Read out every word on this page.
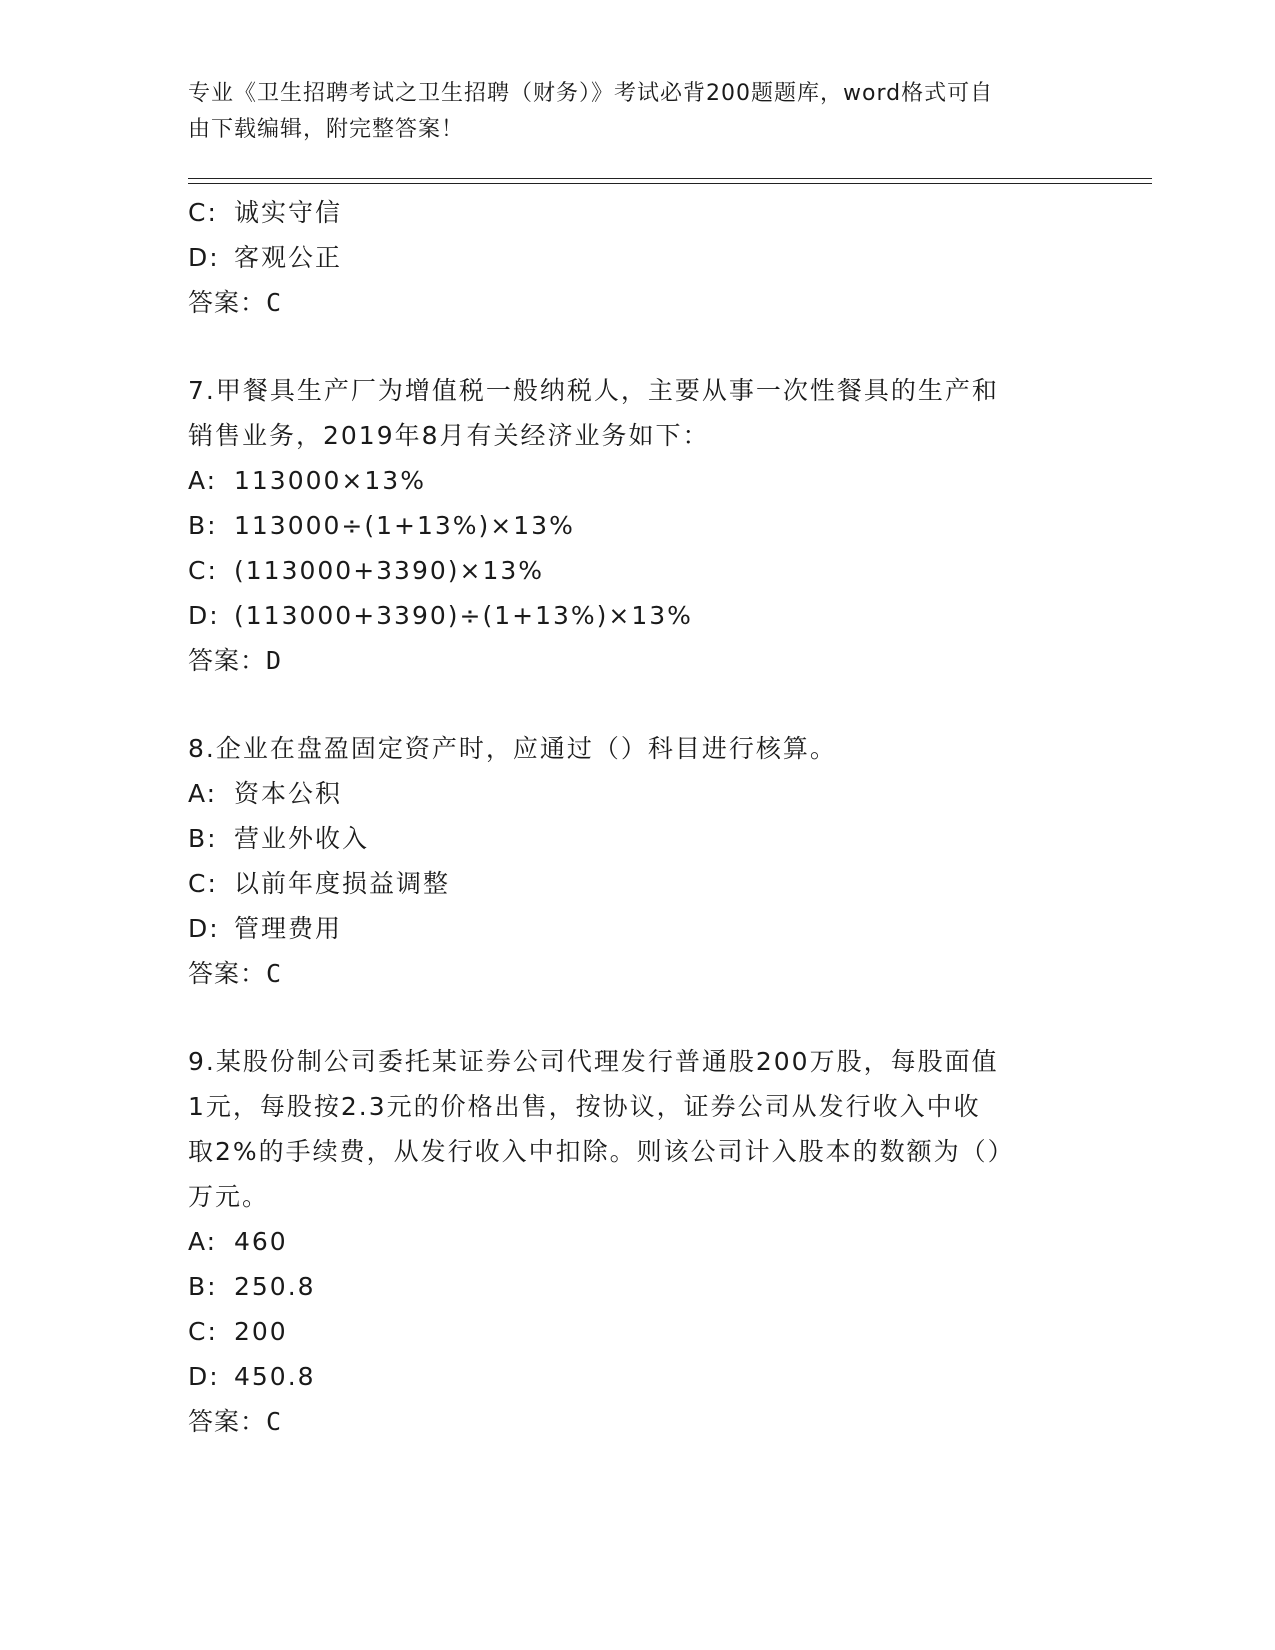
专业《卫生招聘考试之卫生招聘（财务）》考试必背200题题库，word格式可自
由下载编辑，附完整答案！
C: 诚实守信
D: 客观公正
答案：C
7.甲餐具生产厂为增值税一般纳税人，主要从事一次性餐具的生产和
销售业务，2019年8月有关经济业务如下：
A: 113000×13%
B: 113000÷(1+13%)×13%
C: (113000+3390)×13%
D: (113000+3390)÷(1+13%)×13%
答案：D
8.企业在盘盈固定资产时，应通过（）科目进行核算。
A: 资本公积
B: 营业外收入
C: 以前年度损益调整
D: 管理费用
答案：C
9.某股份制公司委托某证券公司代理发行普通股200万股，每股面值
1元，每股按2.3元的价格出售，按协议，证券公司从发行收入中收
取2%的手续费，从发行收入中扣除。则该公司计入股本的数额为（）
万元。
A: 460
B: 250.8
C: 200
D: 450.8
答案：C
